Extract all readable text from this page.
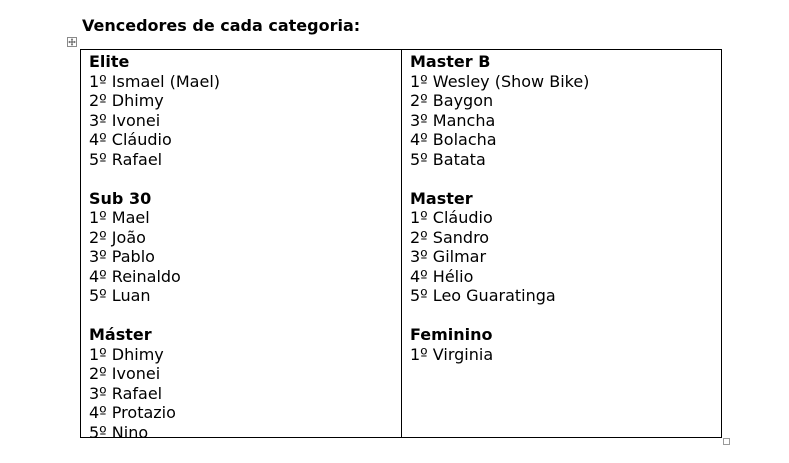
Vencedores de cada categoria:
Elite
1º Ismael (Mael)
2º Dhimy
3º Ivonei
4º Cláudio
5º Rafael
Sub 30
1º Mael
2º João
3º Pablo
4º Reinaldo
5º Luan
Máster
1º Dhimy
2º Ivonei
3º Rafael
4º Protazio
5º Nino
Master B
1º Wesley (Show Bike)
2º Baygon
3º Mancha
4º Bolacha
5º Batata
Master
1º Cláudio
2º Sandro
3º Gilmar
4º Hélio
5º Leo Guaratinga
Feminino
1º Virginia
